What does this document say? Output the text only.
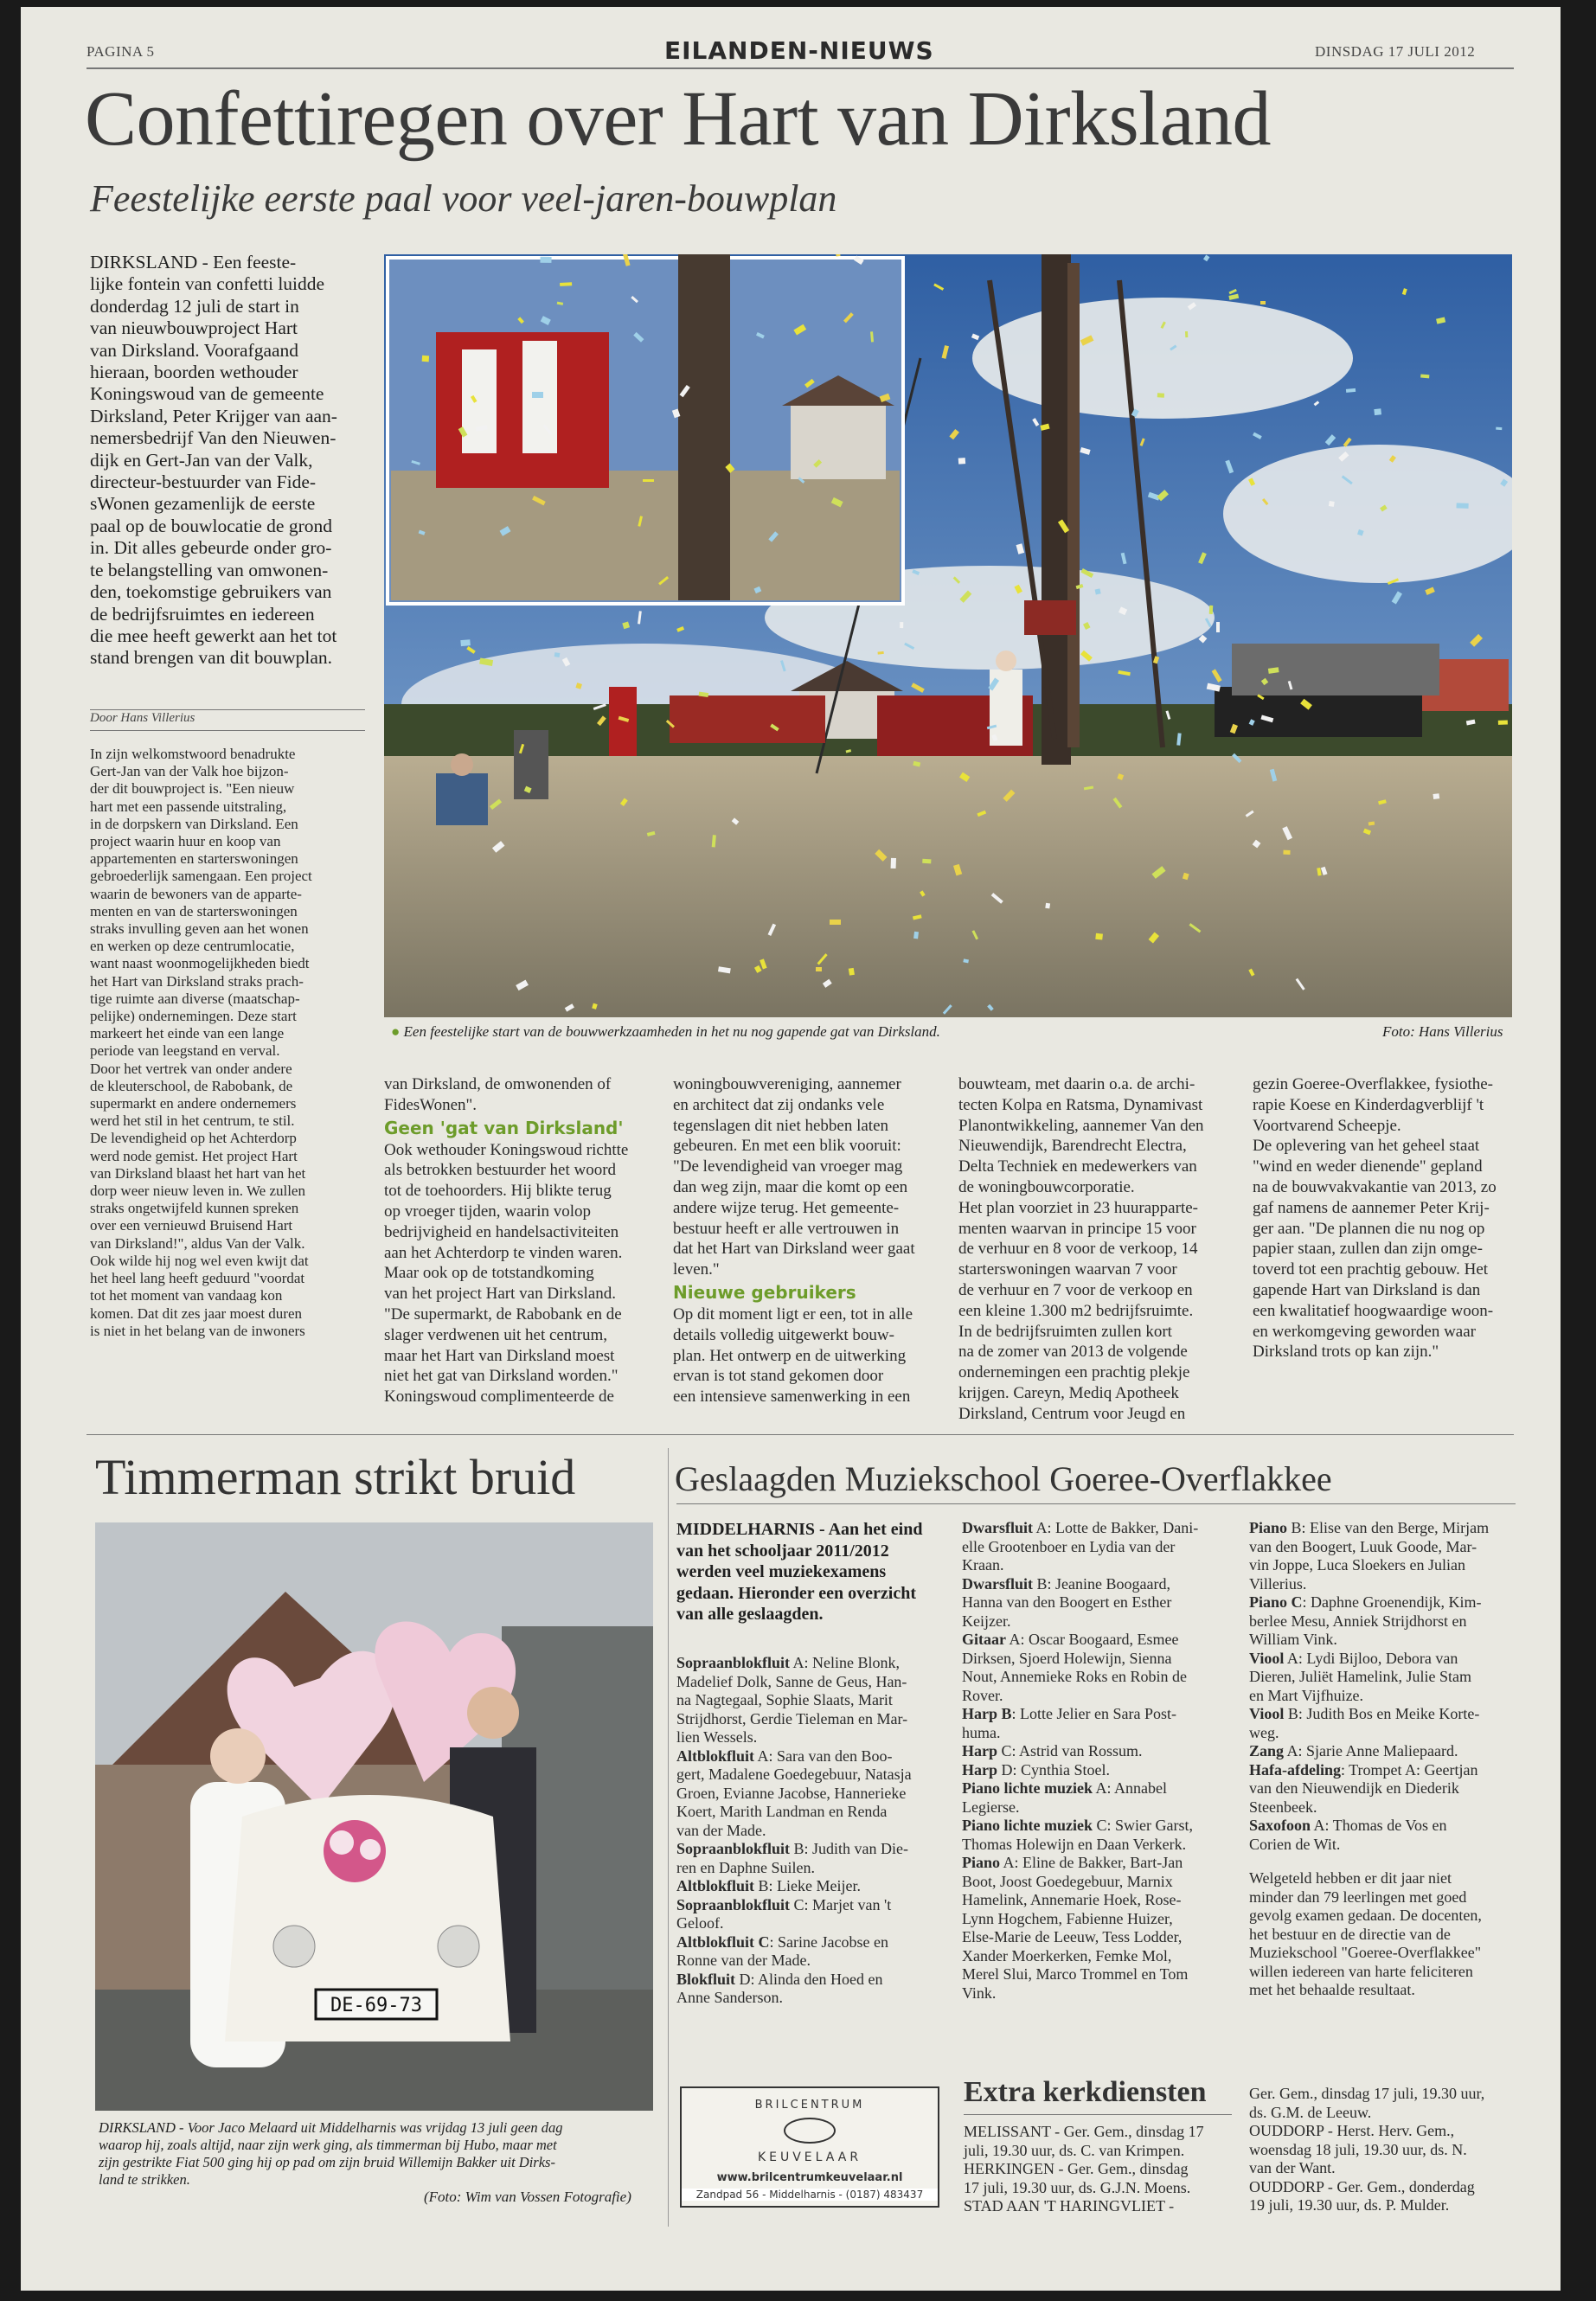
PAGINA 5	EILANDEN-NIEUWS	DINSDAG 17 JULI 2012
Confettiregen over Hart van Dirksland
Feestelijke eerste paal voor veel-jaren-bouwplan
DIRKSLAND - Een feeste-
lijke fontein van confetti luidde
donderdag 12 juli de start in
van nieuwbouwproject Hart
van Dirksland. Voorafgaand
hieraan, boorden wethouder
Koningswoud van de gemeente
Dirksland, Peter Krijger van aan-
nemersbedrijf Van den Nieuwen-
dijk en Gert-Jan van der Valk,
directeur-bestuurder van Fide-
sWonen gezamenlijk de eerste
paal op de bouwlocatie de grond
in. Dit alles gebeurde onder gro-
te belangstelling van omwonen-
den, toekomstige gebruikers van
de bedrijfsruimtes en iedereen
die mee heeft gewerkt aan het tot
stand brengen van dit bouwplan.
Door Hans Villerius
In zijn welkomstwoord benadrukte
Gert-Jan van der Valk hoe bijzon-
der dit bouwproject is. "Een nieuw
hart met een passende uitstraling,
in de dorpskern van Dirksland. Een
project waarin huur en koop van
appartementen en starterswoningen
gebroederlijk samengaan. Een project
waarin de bewoners van de apparte-
menten en van de starterswoningen
straks invulling geven aan het wonen
en werken op deze centrumlocatie,
want naast woonmogelijkheden biedt
het Hart van Dirksland straks prach-
tige ruimte aan diverse (maatschap-
pelijke) ondernemingen. Deze start
markeert het einde van een lange
periode van leegstand en verval.
Door het vertrek van onder andere
de kleuterschool, de Rabobank, de
supermarkt en andere ondernemers
werd het stil in het centrum, te stil.
De levendigheid op het Achterdorp
werd node gemist. Het project Hart
van Dirksland blaast het hart van het
dorp weer nieuw leven in. We zullen
straks ongetwijfeld kunnen spreken
over een vernieuwd Bruisend Hart
van Dirksland!", aldus Van der Valk.
Ook wilde hij nog wel even kwijt dat
het heel lang heeft geduurd "voordat
tot het moment van vandaag kon
komen. Dat dit zes jaar moest duren
is niet in het belang van de inwoners
● Een feestelijke start van de bouwwerkzaamheden in het nu nog gapende gat van Dirksland.	Foto: Hans Villerius
van Dirksland, de omwonenden of
FidesWonen".
Geen 'gat van Dirksland'
Ook wethouder Koningswoud richtte
als betrokken bestuurder het woord
tot de toehoorders. Hij blikte terug
op vroeger tijden, waarin volop
bedrijvigheid en handelsactiviteiten
aan het Achterdorp te vinden waren.
Maar ook op de totstandkoming
van het project Hart van Dirksland.
"De supermarkt, de Rabobank en de
slager verdwenen uit het centrum,
maar het Hart van Dirksland moest
niet het gat van Dirksland worden."
Koningswoud complimenteerde de
woningbouwvereniging, aannemer
en architect dat zij ondanks vele
tegenslagen dit niet hebben laten
gebeuren. En met een blik vooruit:
"De levendigheid van vroeger mag
dan weg zijn, maar die komt op een
andere wijze terug. Het gemeente-
bestuur heeft er alle vertrouwen in
dat het Hart van Dirksland weer gaat
leven."
Nieuwe gebruikers
Op dit moment ligt er een, tot in alle
details volledig uitgewerkt bouw-
plan. Het ontwerp en de uitwerking
ervan is tot stand gekomen door
een intensieve samenwerking in een
bouwteam, met daarin o.a. de archi-
tecten Kolpa en Ratsma, Dynamivast
Planontwikkeling, aannemer Van den
Nieuwendijk, Barendrecht Electra,
Delta Techniek en medewerkers van
de woningbouwcorporatie.
Het plan voorziet in 23 huurapparte-
menten waarvan in principe 15 voor
de verhuur en 8 voor de verkoop, 14
starterswoningen waarvan 7 voor
de verhuur en 7 voor de verkoop en
een kleine 1.300 m2 bedrijfsruimte.
In de bedrijfsruimten zullen kort
na de zomer van 2013 de volgende
ondernemingen een prachtig plekje
krijgen. Careyn, Mediq Apotheek
Dirksland, Centrum voor Jeugd en
gezin Goeree-Overflakkee, fysiothe-
rapie Koese en Kinderdagverblijf 't
Voortvarend Scheepje.
De oplevering van het geheel staat
"wind en weder dienende" gepland
na de bouwvakvakantie van 2013, zo
gaf namens de aannemer Peter Krij-
ger aan. "De plannen die nu nog op
papier staan, zullen dan zijn omge-
toverd tot een prachtig gebouw. Het
gapende Hart van Dirksland is dan
een kwalitatief hoogwaardige woon-
en werkomgeving geworden waar
Dirksland trots op kan zijn."
Timmerman strikt bruid
DE-69-73
DIRKSLAND - Voor Jaco Melaard uit Middelharnis was vrijdag 13 juli geen dag
waarop hij, zoals altijd, naar zijn werk ging, als timmerman bij Hubo, maar met
zijn gestrikte Fiat 500 ging hij op pad om zijn bruid Willemijn Bakker uit Dirks-
land te strikken.
(Foto: Wim van Vossen Fotografie)
Geslaagden Muziekschool Goeree-Overflakkee
MIDDELHARNIS - Aan het eind
van het schooljaar 2011/2012
werden veel muziekexamens
gedaan. Hieronder een overzicht
van alle geslaagden.
Sopraanblokfluit A: Neline Blonk,
Madelief Dolk, Sanne de Geus, Han-
na Nagtegaal, Sophie Slaats, Marit
Strijdhorst, Gerdie Tieleman en Mar-
lien Wessels.
Altblokfluit A: Sara van den Boo-
gert, Madalene Goedegebuur, Natasja
Groen, Evianne Jacobse, Hannerieke
Koert, Marith Landman en Renda
van der Made.
Sopraanblokfluit B: Judith van Die-
ren en Daphne Suilen.
Altblokfluit B: Lieke Meijer.
Sopraanblokfluit C: Marjet van 't
Geloof.
Altblokfluit C: Sarine Jacobse en
Ronne van der Made.
Blokfluit D: Alinda den Hoed en
Anne Sanderson.
Dwarsfluit A: Lotte de Bakker, Dani-
elle Grootenboer en Lydia van der
Kraan.
Dwarsfluit B: Jeanine Boogaard,
Hanna van den Boogert en Esther
Keijzer.
Gitaar A: Oscar Boogaard, Esmee
Dirksen, Sjoerd Holewijn, Sienna
Nout, Annemieke Roks en Robin de
Rover.
Harp B: Lotte Jelier en Sara Post-
huma.
Harp C: Astrid van Rossum.
Harp D: Cynthia Stoel.
Piano lichte muziek A: Annabel
Legierse.
Piano lichte muziek C: Swier Garst,
Thomas Holewijn en Daan Verkerk.
Piano A: Eline de Bakker, Bart-Jan
Boot, Joost Goedegebuur, Marnix
Hamelink, Annemarie Hoek, Rose-
Lynn Hogchem, Fabienne Huizer,
Else-Marie de Leeuw, Tess Lodder,
Xander Moerkerken, Femke Mol,
Merel Slui, Marco Trommel en Tom
Vink.
Piano B: Elise van den Berge, Mirjam
van den Boogert, Luuk Goode, Mar-
vin Joppe, Luca Sloekers en Julian
Villerius.
Piano C: Daphne Groenendijk, Kim-
berlee Mesu, Anniek Strijdhorst en
William Vink.
Viool A: Lydi Bijloo, Debora van
Dieren, Juliët Hamelink, Julie Stam
en Mart Vijfhuize.
Viool B: Judith Bos en Meike Korte-
weg.
Zang A: Sjarie Anne Maliepaard.
Hafa-afdeling: Trompet A: Geertjan
van den Nieuwendijk en Diederik
Steenbeek.
Saxofoon A: Thomas de Vos en
Corien de Wit.
Welgeteld hebben er dit jaar niet
minder dan 79 leerlingen met goed
gevolg examen gedaan. De docenten,
het bestuur en de directie van de
Muziekschool "Goeree-Overflakkee"
willen iedereen van harte feliciteren
met het behaalde resultaat.
BRILCENTRUM
KEUVELAAR
www.brilcentrumkeuvelaar.nl
Zandpad 56 - Middelharnis - (0187) 483437
Extra kerkdiensten
MELISSANT - Ger. Gem., dinsdag 17
juli, 19.30 uur, ds. C. van Krimpen.
HERKINGEN - Ger. Gem., dinsdag
17 juli, 19.30 uur, ds. G.J.N. Moens.
STAD AAN 'T HARINGVLIET -
Ger. Gem., dinsdag 17 juli, 19.30 uur,
ds. G.M. de Leeuw.
OUDDORP - Herst. Herv. Gem.,
woensdag 18 juli, 19.30 uur, ds. N.
van der Want.
OUDDORP - Ger. Gem., donderdag
19 juli, 19.30 uur, ds. P. Mulder.
